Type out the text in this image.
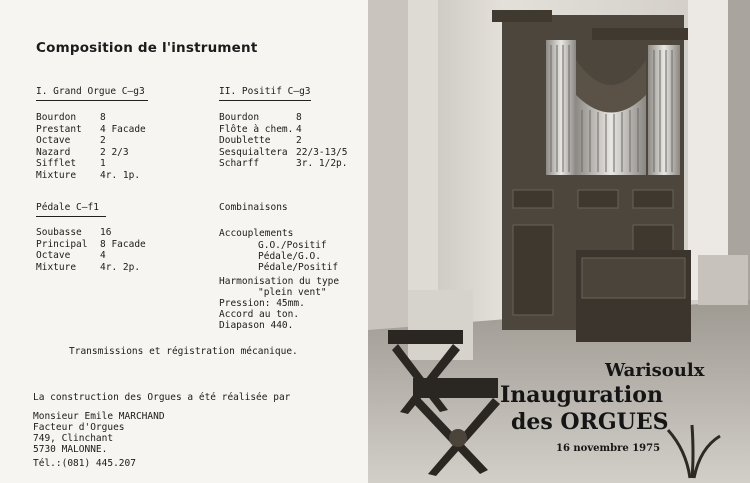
Composition de l'instrument
I. Grand Orgue C–g3
Bourdon	8
Prestant 4 Facade
Octave	2
Nazard	2 2/3
Sifflet	1
Mixture	4r. 1p.
II. Positif C–g3
Bourdon	8
Flôte à chem. 4
Doublette	2
Sesquialtera 22/3-13/5
Scharff	3r. 1/2p.
Pédale C–f1
Soubasse 16
Principal 8 Facade
Octave	4
Mixture	4r. 2p.
Combinaisons
Accouplements
G.O./Positif
Pédale/G.O.
Pédale/Positif
Harmonisation du type
"plein vent"
Pression: 45mm.
Accord au ton.
Diapason 440.
Transmissions et régistration mécanique.
La construction des Orgues a été réalisée par
Monsieur Emile MARCHAND
Facteur d'Orgues
749, Clinchant
5730 MALONNE.
Tél.:(081) 445.207
Warisoulx
Inauguration
des ORGUES
16 novembre 1975
